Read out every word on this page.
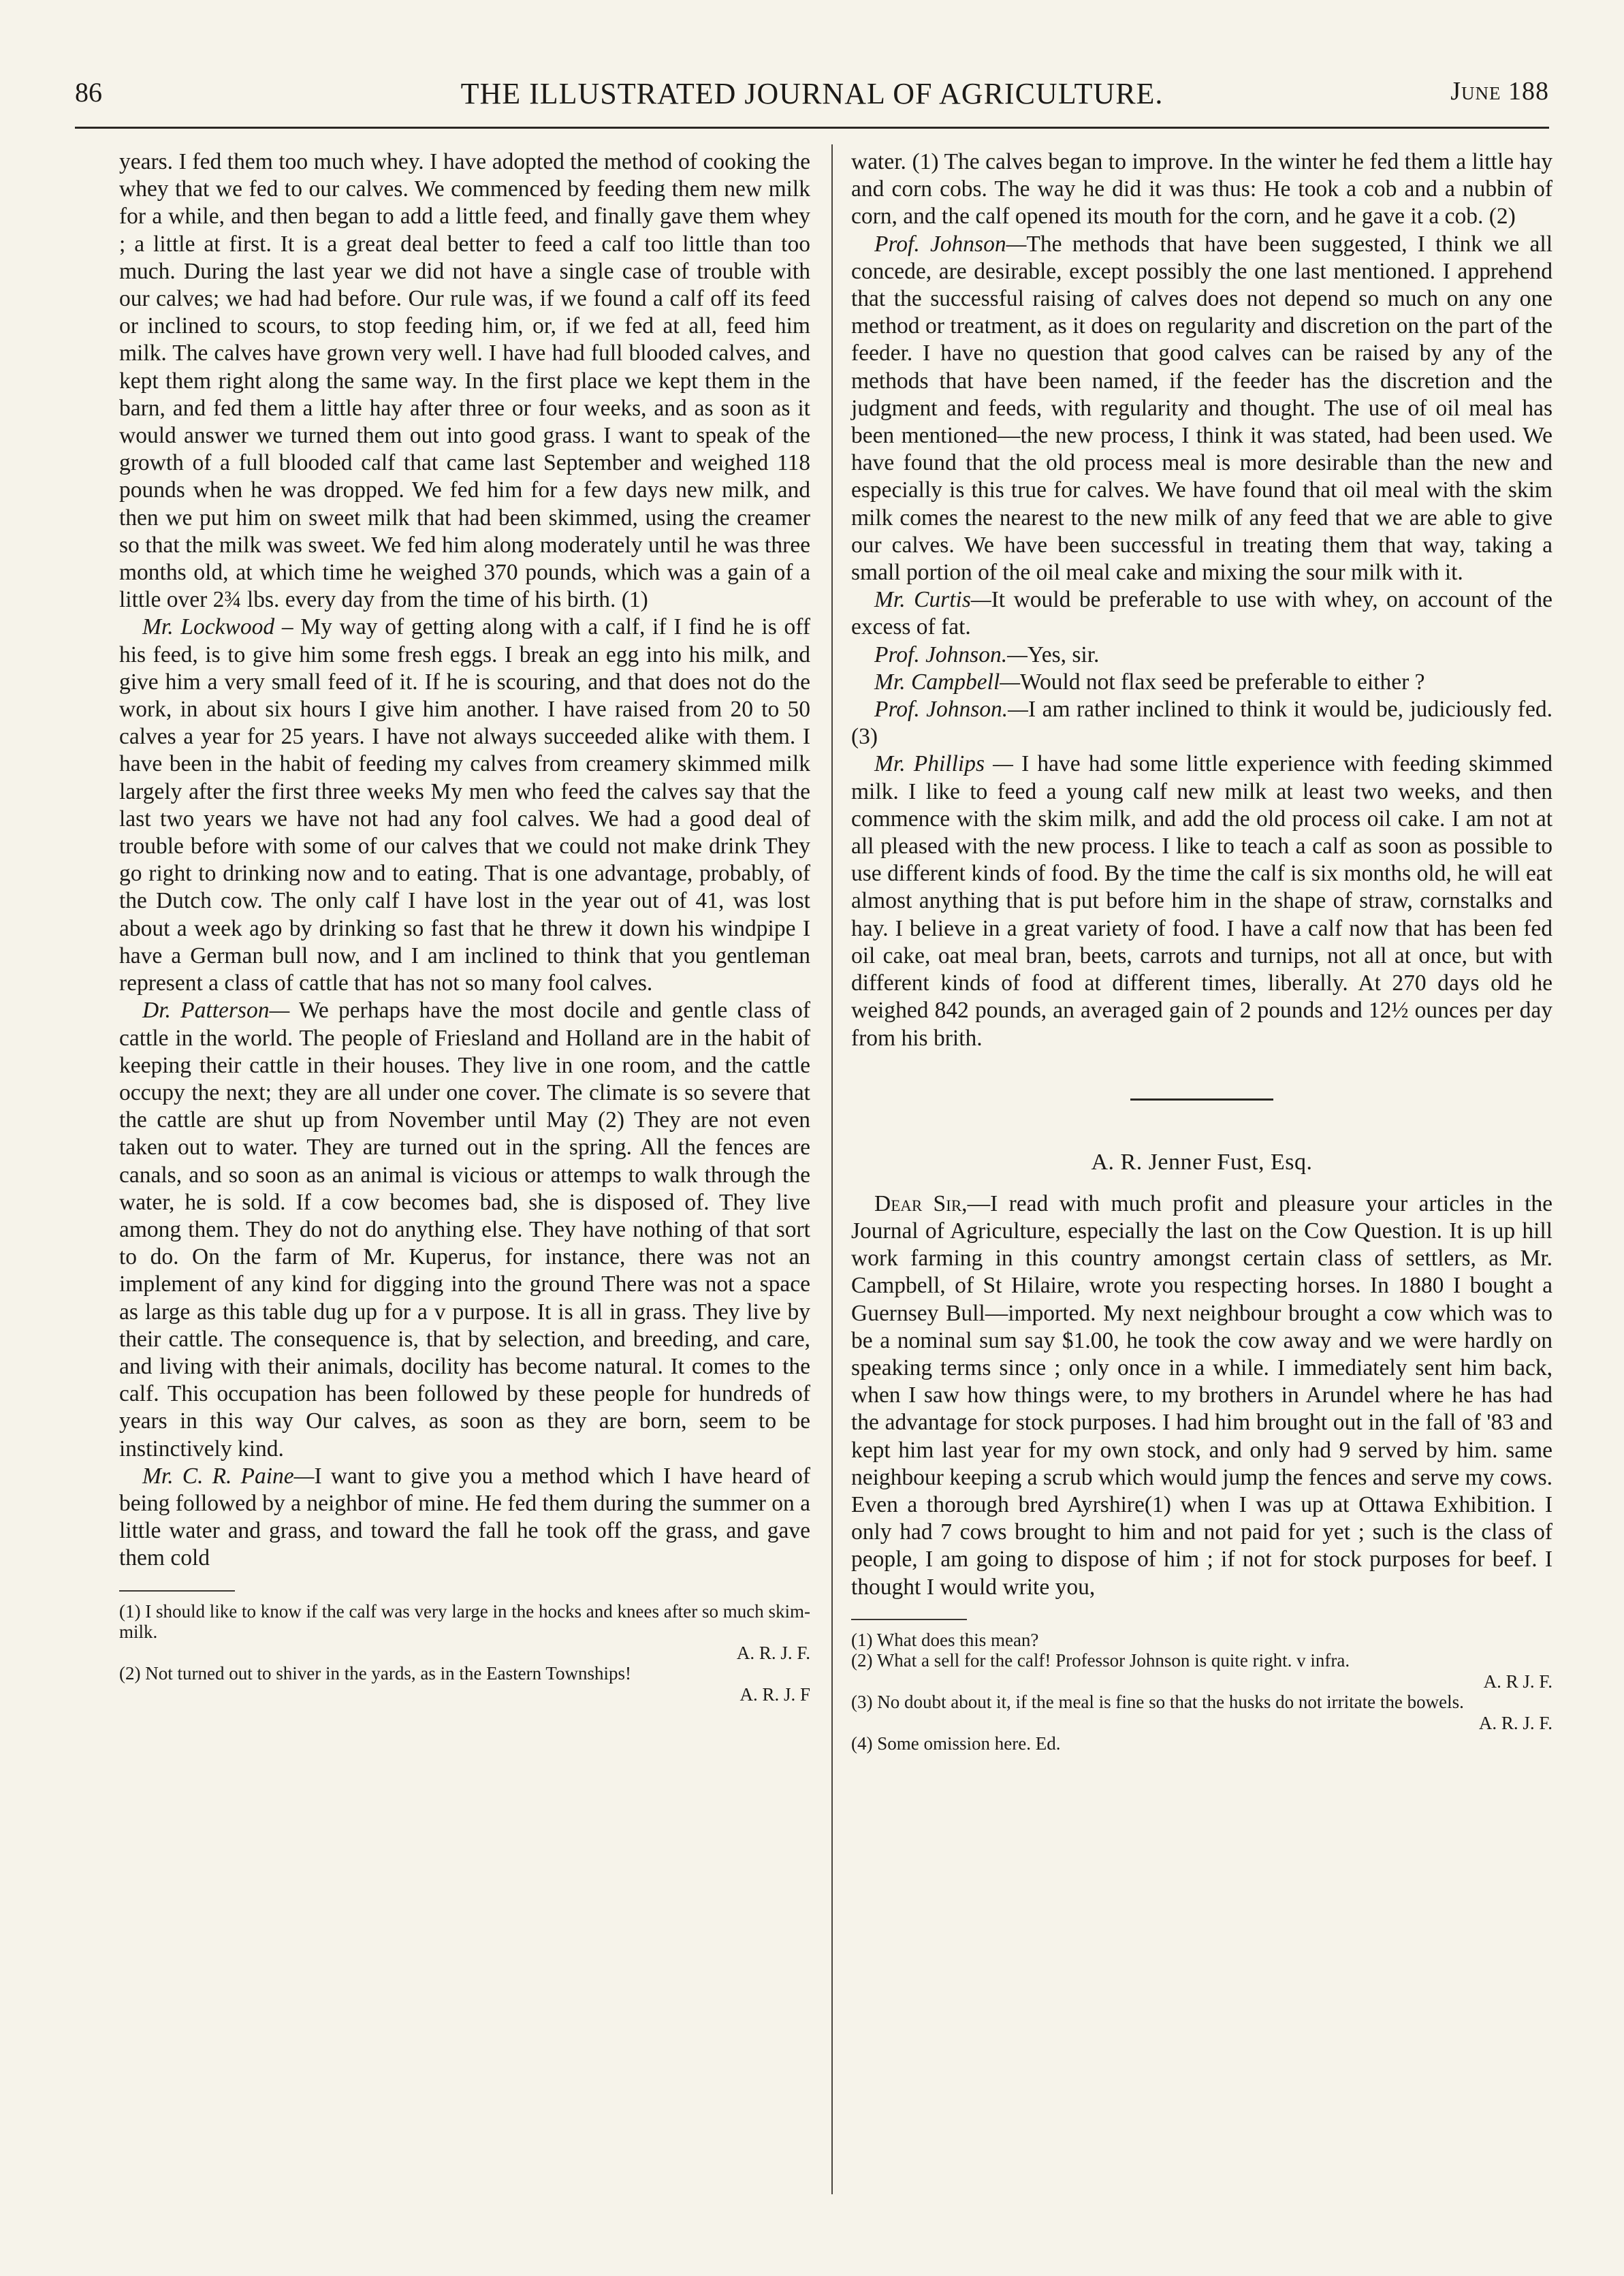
86	THE ILLUSTRATED JOURNAL OF AGRICULTURE.	June 188

years. I fed them too much whey. I have adopted the method of cooking the whey that we fed to our calves. We commenced by feeding them new milk for a while, and then began to add a little feed, and finally gave them whey ; a little at first. It is a great deal better to feed a calf too little than too much. During the last year we did not have a single case of trouble with our calves; we had had before. Our rule was, if we found a calf off its feed or inclined to scours, to stop feeding him, or, if we fed at all, feed him milk. The calves have grown very well. I have had full blooded calves, and kept them right along the same way. In the first place we kept them in the barn, and fed them a little hay after three or four weeks, and as soon as it would answer we turned them out into good grass. I want to speak of the growth of a full blooded calf that came last September and weighed 118 pounds when he was dropped. We fed him for a few days new milk, and then we put him on sweet milk that had been skimmed, using the creamer so that the milk was sweet. We fed him along moderately until he was three months old, at which time he weighed 370 pounds, which was a gain of a little over 2¾ lbs. every day from the time of his birth. (1)

Mr. Lockwood – My way of getting along with a calf, if I find he is off his feed, is to give him some fresh eggs. I break an egg into his milk, and give him a very small feed of it. If he is scouring, and that does not do the work, in about six hours I give him another. I have raised from 20 to 50 calves a year for 25 years. I have not always succeeded alike with them. I have been in the habit of feeding my calves from creamery skimmed milk largely after the first three weeks My men who feed the calves say that the last two years we have not had any fool calves. We had a good deal of trouble before with some of our calves that we could not make drink They go right to drinking now and to eating. That is one advantage, probably, of the Dutch cow. The only calf I have lost in the year out of 41, was lost about a week ago by drinking so fast that he threw it down his windpipe I have a German bull now, and I am inclined to think that you gentleman represent a class of cattle that has not so many fool calves.

Dr. Patterson— We perhaps have the most docile and gentle class of cattle in the world. The people of Friesland and Holland are in the habit of keeping their cattle in their houses. They live in one room, and the cattle occupy the next; they are all under one cover. The climate is so severe that the cattle are shut up from November until May (2) They are not even taken out to water. They are turned out in the spring. All the fences are canals, and so soon as an animal is vicious or attemps to walk through the water, he is sold. If a cow becomes bad, she is disposed of. They live among them. They do not do anything else. They have nothing of that sort to do. On the farm of Mr. Kuperus, for instance, there was not an implement of any kind for digging into the ground There was not a space as large as this table dug up for a v purpose. It is all in grass. They live by their cattle. The consequence is, that by selection, and breeding, and care, and living with their animals, docility has become natural. It comes to the calf. This occupation has been followed by these people for hundreds of years in this way Our calves, as soon as they are born, seem to be instinctively kind.

Mr. C. R. Paine—I want to give you a method which I have heard of being followed by a neighbor of mine. He fed them during the summer on a little water and grass, and toward the fall he took off the grass, and gave them cold

(1) I should like to know if the calf was very large in the hocks and knees after so much skim-milk.
A. R. J. F.

(2) Not turned out to shiver in the yards, as in the Eastern Townships!
A. R. J. F

water. (1) The calves began to improve. In the winter he fed them a little hay and corn cobs. The way he did it was thus: He took a cob and a nubbin of corn, and the calf opened its mouth for the corn, and he gave it a cob. (2)

Prof. Johnson—The methods that have been suggested, I think we all concede, are desirable, except possibly the one last mentioned. I apprehend that the successful raising of calves does not depend so much on any one method or treatment, as it does on regularity and discretion on the part of the feeder. I have no question that good calves can be raised by any of the methods that have been named, if the feeder has the discretion and the judgment and feeds, with regularity and thought. The use of oil meal has been mentioned—the new process, I think it was stated, had been used. We have found that the old process meal is more desirable than the new and especially is this true for calves. We have found that oil meal with the skim milk comes the nearest to the new milk of any feed that we are able to give our calves. We have been successful in treating them that way, taking a small portion of the oil meal cake and mixing the sour milk with it.

Mr. Curtis—It would be preferable to use with whey, on account of the excess of fat.

Prof. Johnson.—Yes, sir.

Mr. Campbell—Would not flax seed be preferable to either ?

Prof. Johnson.—I am rather inclined to think it would be, judiciously fed. (3)

Mr. Phillips — I have had some little experience with feeding skimmed milk. I like to feed a young calf new milk at least two weeks, and then commence with the skim milk, and add the old process oil cake. I am not at all pleased with the new process. I like to teach a calf as soon as possible to use different kinds of food. By the time the calf is six months old, he will eat almost anything that is put before him in the shape of straw, cornstalks and hay. I believe in a great variety of food. I have a calf now that has been fed oil cake, oat meal bran, beets, carrots and turnips, not all at once, but with different kinds of food at different times, liberally. At 270 days old he weighed 842 pounds, an averaged gain of 2 pounds and 12½ ounces per day from his brith.

A. R. Jenner Fust, Esq.

Dear Sir,—I read with much profit and pleasure your articles in the Journal of Agriculture, especially the last on the Cow Question. It is up hill work farming in this country amongst certain class of settlers, as Mr. Campbell, of St Hilaire, wrote you respecting horses. In 1880 I bought a Guernsey Bull—imported. My next neighbour brought a cow which was to be a nominal sum say $1.00, he took the cow away and we were hardly on speaking terms since ; only once in a while. I immediately sent him back, when I saw how things were, to my brothers in Arundel where he has had the advantage for stock purposes. I had him brought out in the fall of '83 and kept him last year for my own stock, and only had 9 served by him. same neighbour keeping a scrub which would jump the fences and serve my cows. Even a thorough bred Ayrshire(1) when I was up at Ottawa Exhibition. I only had 7 cows brought to him and not paid for yet ; such is the class of people, I am going to dispose of him ; if not for stock purposes for beef. I thought I would write you,

(1) What does this mean?

(2) What a sell for the calf! Professor Johnson is quite right. v infra.
A. R J. F.

(3) No doubt about it, if the meal is fine so that the husks do not irritate the bowels.
A. R. J. F.

(4) Some omission here. Ed.
